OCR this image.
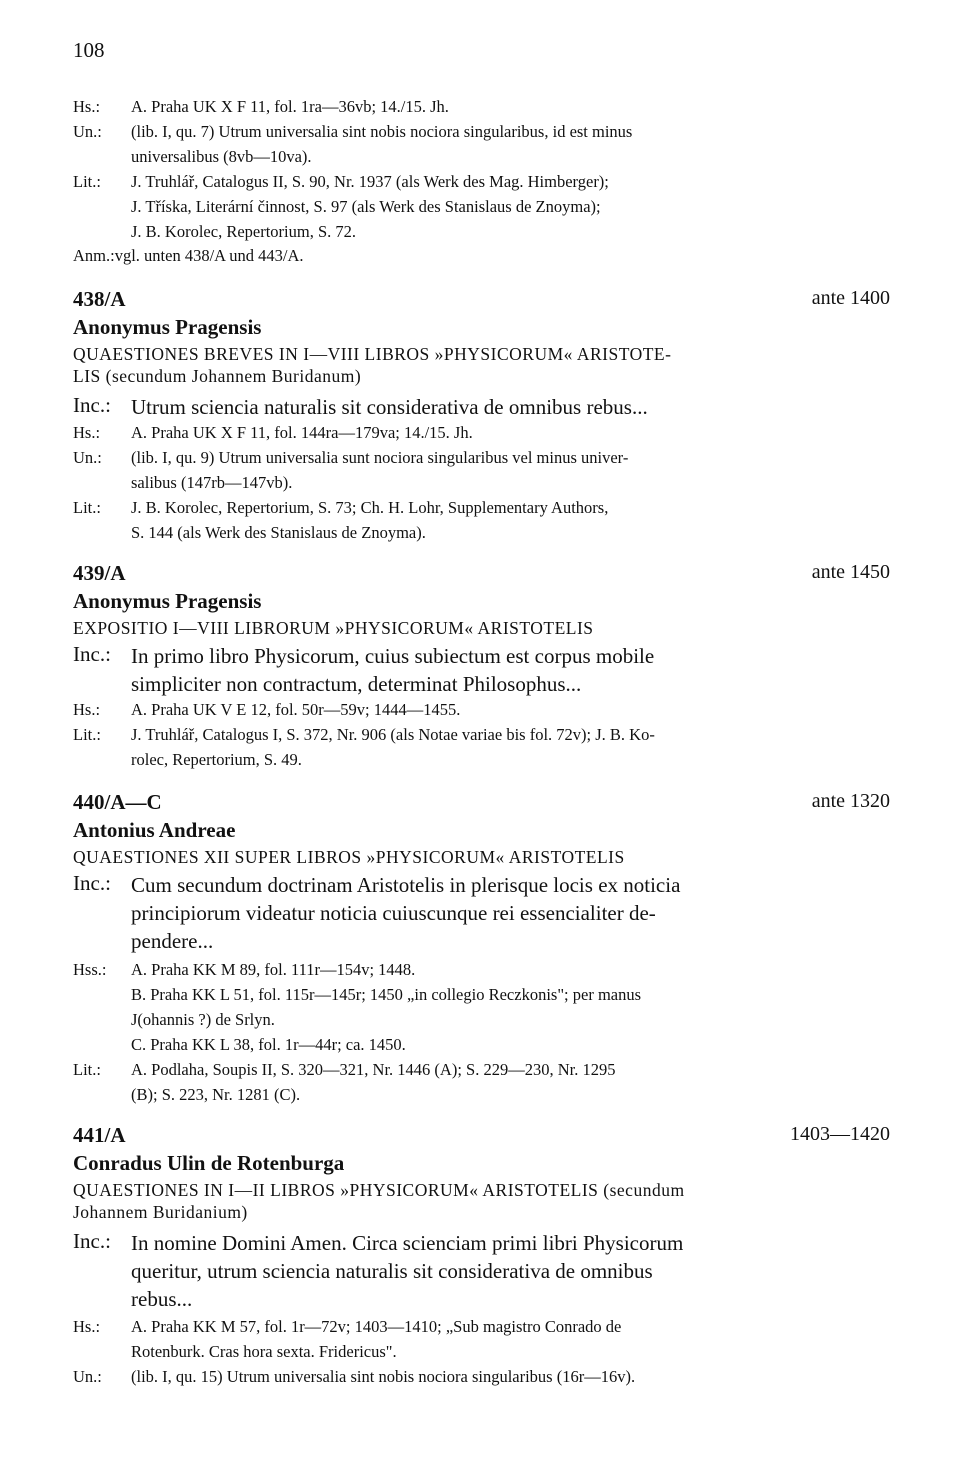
108
Hs.: A. Praha UK X F 11, fol. 1ra—36vb; 14./15. Jh.
Un.: (lib. I, qu. 7) Utrum universalia sint nobis nociora singularibus, id est minus
universalibus (8vb—10va).
Lit.: J. Truhlář, Catalogus II, S. 90, Nr. 1937 (als Werk des Mag. Himberger);
J. Tříska, Literární činnost, S. 97 (als Werk des Stanislaus de Znoyma);
J. B. Korolec, Repertorium, S. 72.
Anm.:vgl. unten 438/A und 443/A.
438/A	ante 1400
Anonymus Pragensis
QUAESTIONES BREVES IN I—VIII LIBROS »PHYSICORUM« ARISTOTE-
LIS (secundum Johannem Buridanum)
Inc.: Utrum sciencia naturalis sit considerativa de omnibus rebus...
Hs.: A. Praha UK X F 11, fol. 144ra—179va; 14./15. Jh.
Un.: (lib. I, qu. 9) Utrum universalia sunt nociora singularibus vel minus univer-
salibus (147rb—147vb).
Lit.: J. B. Korolec, Repertorium, S. 73; Ch. H. Lohr, Supplementary Authors,
S. 144 (als Werk des Stanislaus de Znoyma).
439/A	ante 1450
Anonymus Pragensis
EXPOSITIO I—VIII LIBRORUM »PHYSICORUM« ARISTOTELIS
Inc.: In primo libro Physicorum, cuius subiectum est corpus mobile
simpliciter non contractum, determinat Philosophus...
Hs.: A. Praha UK V E 12, fol. 50r—59v; 1444—1455.
Lit.: J. Truhlář, Catalogus I, S. 372, Nr. 906 (als Notae variae bis fol. 72v); J. B. Ko-
rolec, Repertorium, S. 49.
440/A—C	ante 1320
Antonius Andreae
QUAESTIONES XII SUPER LIBROS »PHYSICORUM« ARISTOTELIS
Inc.: Cum secundum doctrinam Aristotelis in plerisque locis ex noticia
principiorum videatur noticia cuiuscunque rei essencialiter de-
pendere...
Hss.: A. Praha KK M 89, fol. 111r—154v; 1448.
B. Praha KK L 51, fol. 115r—145r; 1450 „in collegio Reczkonis"; per manus
J(ohannis ?) de Srlyn.
C. Praha KK L 38, fol. 1r—44r; ca. 1450.
Lit.: A. Podlaha, Soupis II, S. 320—321, Nr. 1446 (A); S. 229—230, Nr. 1295
(B); S. 223, Nr. 1281 (C).
441/A	1403—1420
Conradus Ulin de Rotenburga
QUAESTIONES IN I—II LIBROS »PHYSICORUM« ARISTOTELIS (secundum
Johannem Buridanium)
Inc.: In nomine Domini Amen. Circa scienciam primi libri Physicorum
queritur, utrum sciencia naturalis sit considerativa de omnibus
rebus...
Hs.: A. Praha KK M 57, fol. 1r—72v; 1403—1410; „Sub magistro Conrado de
Rotenburk. Cras hora sexta. Fridericus".
Un.: (lib. I, qu. 15) Utrum universalia sint nobis nociora singularibus (16r—16v).
